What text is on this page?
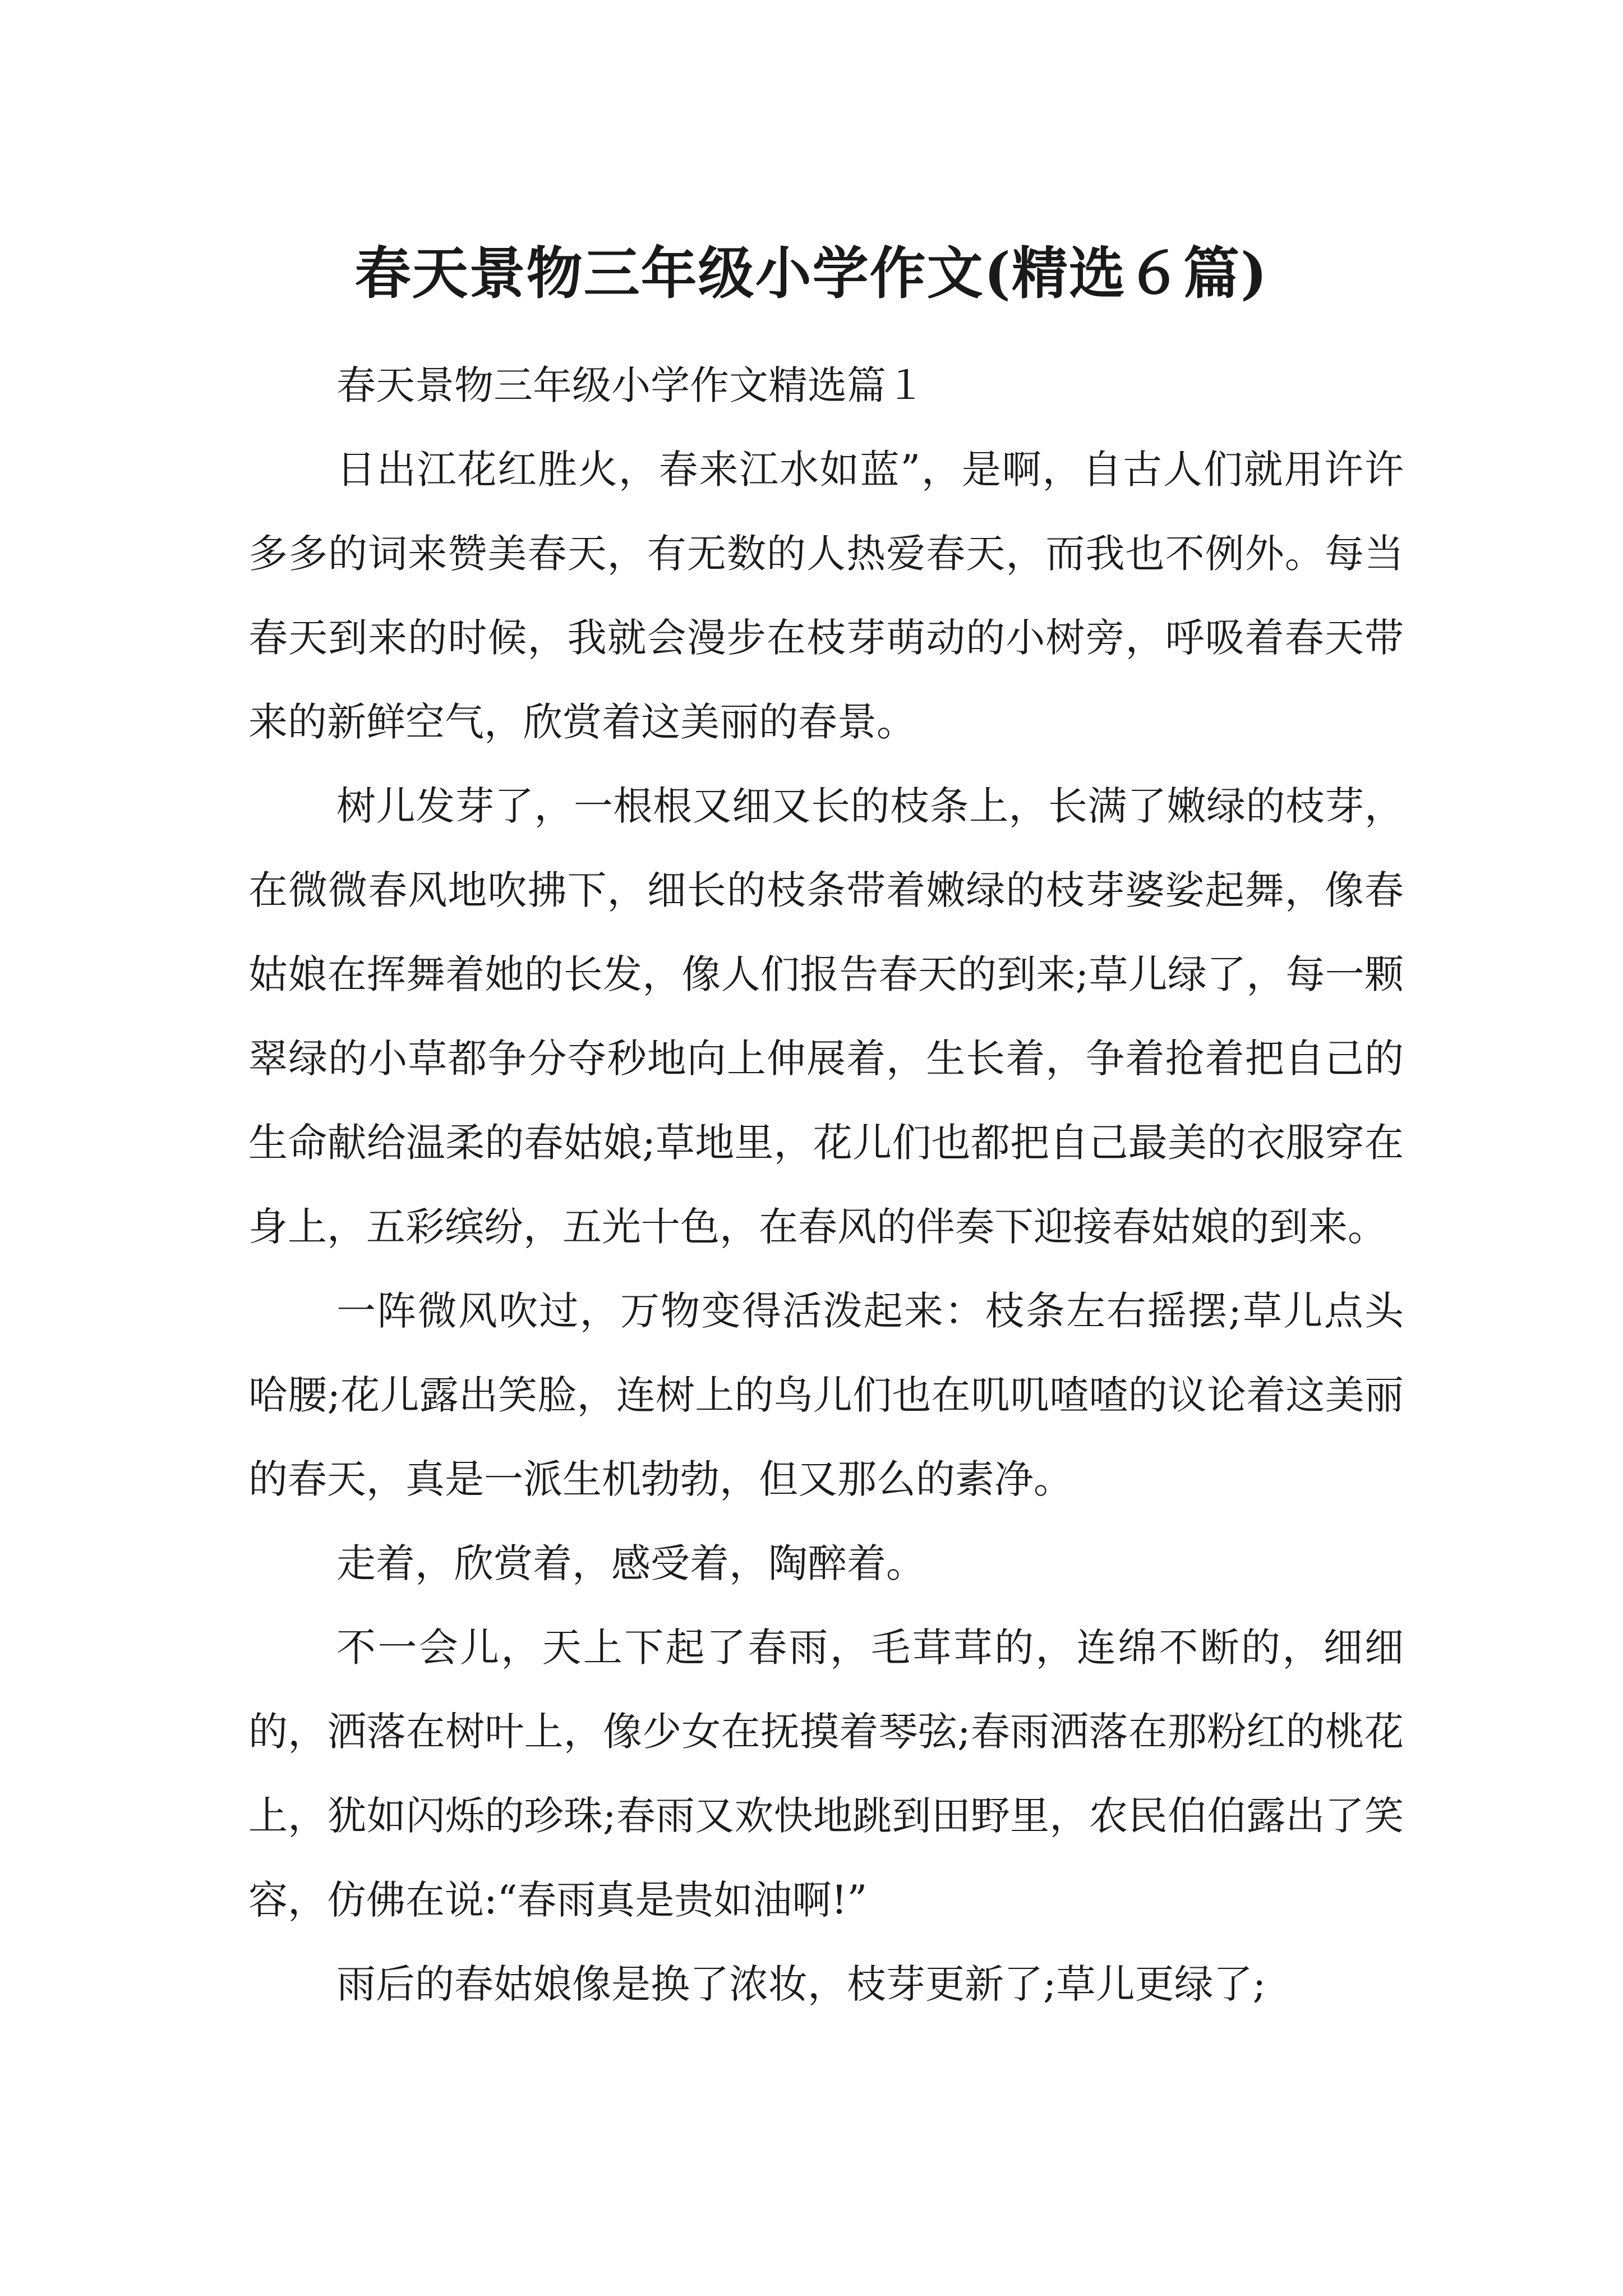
春天景物三年级小学作文(精选６篇)

春天景物三年级小学作文精选篇１

日出江花红胜火，春来江水如蓝”，是啊，自古人们就用许许多多的词来赞美春天，有无数的人热爱春天，而我也不例外。每当春天到来的时候，我就会漫步在枝芽萌动的小树旁，呼吸着春天带来的新鲜空气，欣赏着这美丽的春景。

树儿发芽了，一根根又细又长的枝条上，长满了嫩绿的枝芽，在微微春风地吹拂下，细长的枝条带着嫩绿的枝芽婆娑起舞，像春姑娘在挥舞着她的长发，像人们报告春天的到来;草儿绿了，每一颗翠绿的小草都争分夺秒地向上伸展着，生长着，争着抢着把自己的生命献给温柔的春姑娘;草地里，花儿们也都把自己最美的衣服穿在身上，五彩缤纷，五光十色，在春风的伴奏下迎接春姑娘的到来。

一阵微风吹过，万物变得活泼起来：枝条左右摇摆;草儿点头哈腰;花儿露出笑脸，连树上的鸟儿们也在叽叽喳喳的议论着这美丽的春天，真是一派生机勃勃，但又那么的素净。

走着，欣赏着，感受着，陶醉着。

不一会儿，天上下起了春雨，毛茸茸的，连绵不断的，细细的，洒落在树叶上，像少女在抚摸着琴弦;春雨洒落在那粉红的桃花上，犹如闪烁的珍珠;春雨又欢快地跳到田野里，农民伯伯露出了笑容，仿佛在说:“春雨真是贵如油啊!”

雨后的春姑娘像是换了浓妆，枝芽更新了;草儿更绿了;
